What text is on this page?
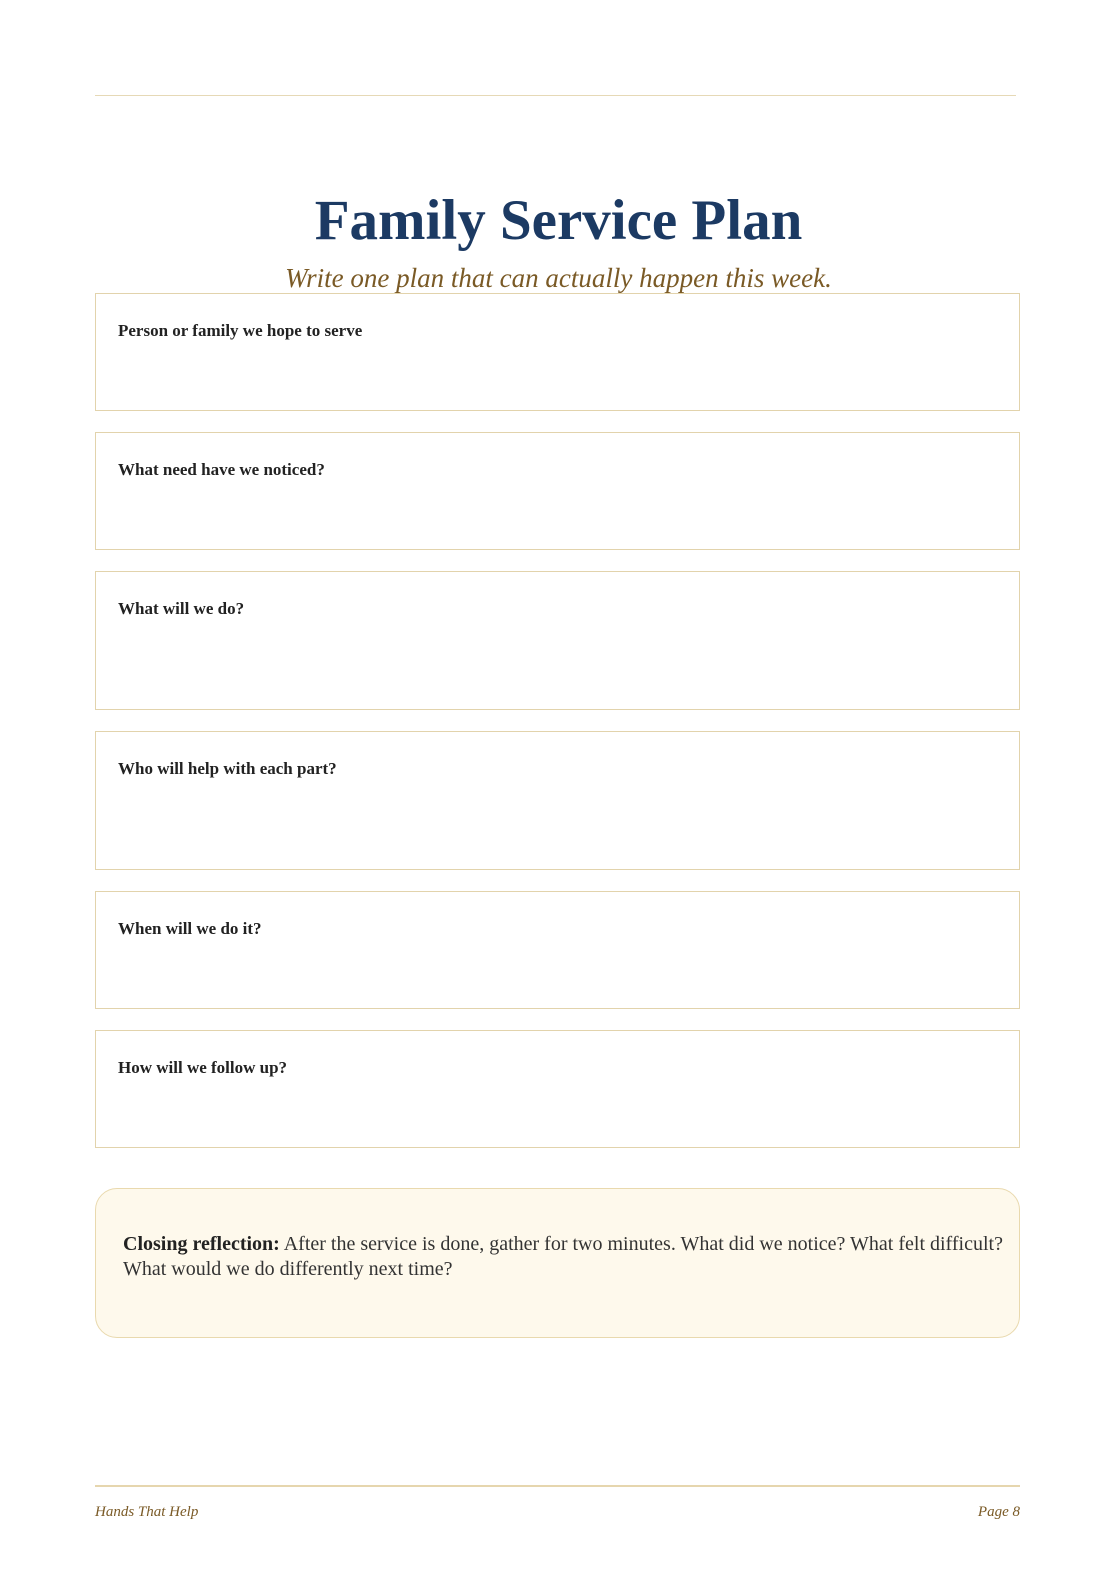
Family Service Plan

Write one plan that can actually happen this week.

Person or family we hope to serve
What need have we noticed?
What will we do?
Who will help with each part?
When will we do it?
How will we follow up?

Closing reflection: After the service is done, gather for two minutes. What did we notice? What felt difficult? What would we do differently next time?

Hands That Help	Page 8
